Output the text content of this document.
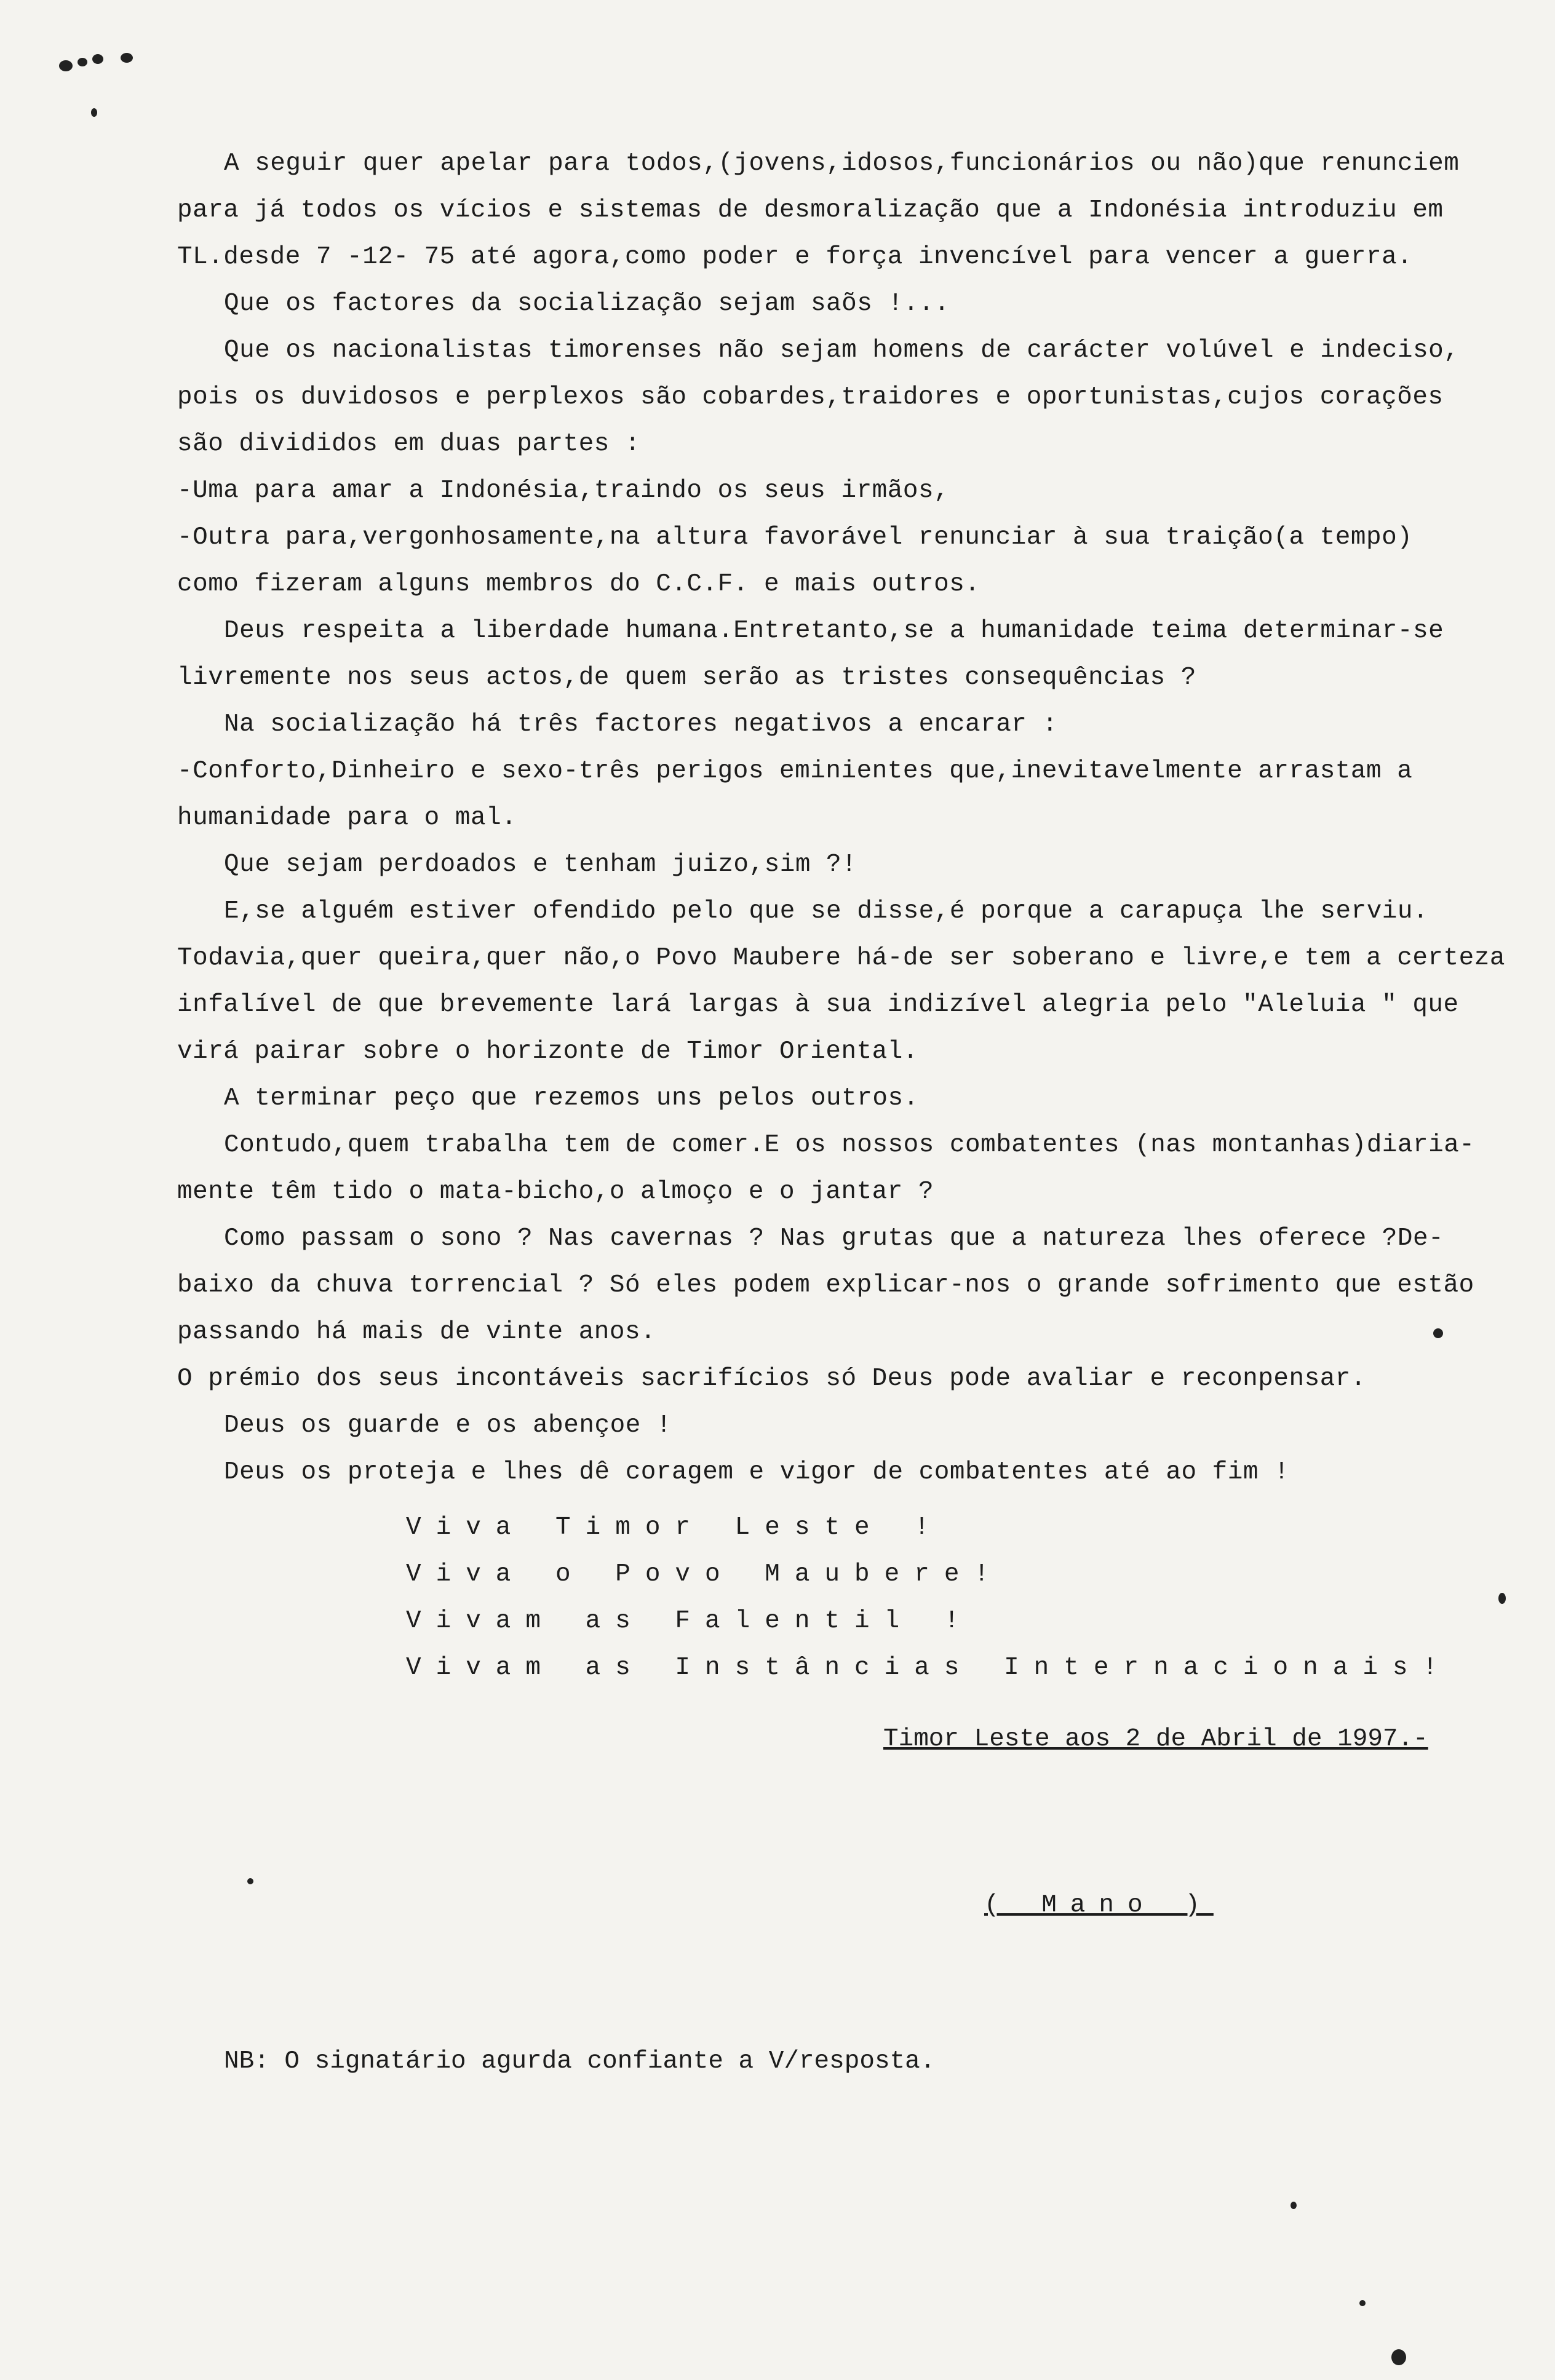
A seguir quer apelar para todos,(jovens,idosos,funcionários ou não)que renunciem
para já todos os vícios e sistemas de desmoralização que a Indonésia introduziu em
TL.desde 7 -12- 75 até agora,como poder e força invencível para vencer a guerra.
Que os factores da socialização sejam saõs !...
Que os nacionalistas timorenses não sejam homens de carácter volúvel e indeciso,
pois os duvidosos e perplexos são cobardes,traidores e oportunistas,cujos corações
são divididos em duas partes :
-Uma para amar a Indonésia,traindo os seus irmãos,
-Outra para,vergonhosamente,na altura favorável renunciar à sua traição(a tempo)
como fizeram alguns membros do C.C.F. e mais outros.
Deus respeita a liberdade humana.Entretanto,se a humanidade teima determinar-se
livremente nos seus actos,de quem serão as tristes consequências ?
Na socialização há três factores negativos a encarar :
-Conforto,Dinheiro e sexo-três perigos eminientes que,inevitavelmente arrastam a
humanidade para o mal.
Que sejam perdoados e tenham juizo,sim ?!
E,se alguém estiver ofendido pelo que se disse,é porque a carapuça lhe serviu.
Todavia,quer queira,quer não,o Povo Maubere há-de ser soberano e livre,e tem a certeza
infalível de que brevemente lará largas à sua indizível alegria pelo "Aleluia " que
virá pairar sobre o horizonte de Timor Oriental.
A terminar peço que rezemos uns pelos outros.
Contudo,quem trabalha tem de comer.E os nossos combatentes (nas montanhas)diaria-
mente têm tido o mata-bicho,o almoço e o jantar ?
Como passam o sono ? Nas cavernas ? Nas grutas que a natureza lhes oferece ?De-
baixo da chuva torrencial ? Só eles podem explicar-nos o grande sofrimento que estão
passando há mais de vinte anos.
O prémio dos seus incontáveis sacrifícios só Deus pode avaliar e reconpensar.
Deus os guarde e os abençoe !
Deus os proteja e lhes dê coragem e vigor de combatentes até ao fim !
Viva Timor Leste !
Viva o Povo Maubere!
Vivam as Falentil !
Vivam as Instâncias Internacionais!
Timor Leste aos 2 de Abril de 1997.-
( Mano )
NB: O signatário agurda confiante a V/resposta.
